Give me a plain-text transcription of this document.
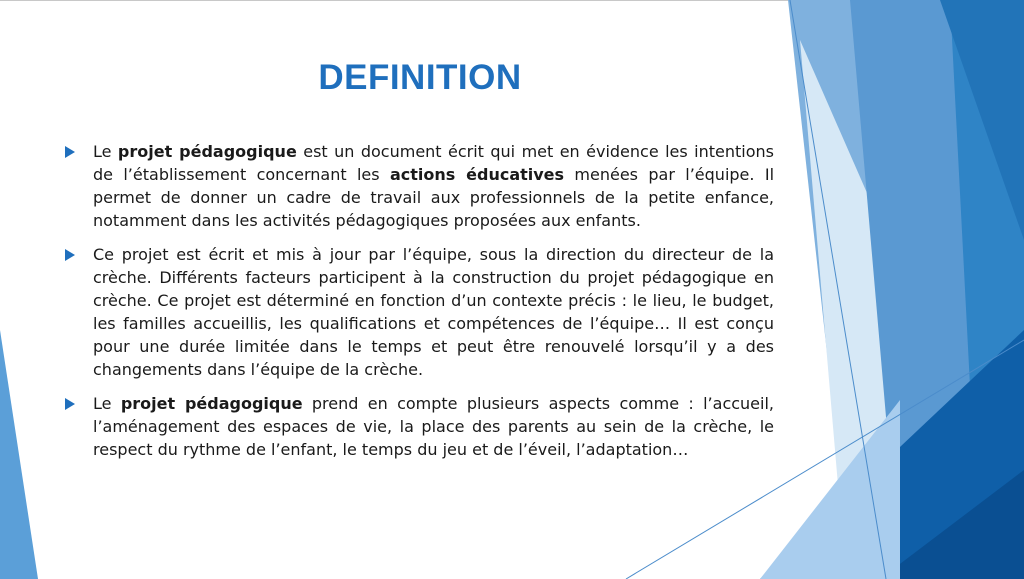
DEFINITION

Le projet pédagogique est un document écrit qui met en évidence les intentions de l’établissement concernant les actions éducatives menées par l’équipe. Il permet de donner un cadre de travail aux professionnels de la petite enfance, notamment dans les activités pédagogiques proposées aux enfants.

Ce projet est écrit et mis à jour par l’équipe, sous la direction du directeur de la crèche. Différents facteurs participent à la construction du projet pédagogique en crèche. Ce projet est déterminé en fonction d’un contexte précis : le lieu, le budget, les familles accueillis, les qualifications et compétences de l’équipe… Il est conçu pour une durée limitée dans le temps et peut être renouvelé lorsqu’il y a des changements dans l’équipe de la crèche.

Le projet pédagogique prend en compte plusieurs aspects comme : l’accueil, l’aménagement des espaces de vie, la place des parents au sein de la crèche, le respect du rythme de l’enfant, le temps du jeu et de l’éveil, l’adaptation…
